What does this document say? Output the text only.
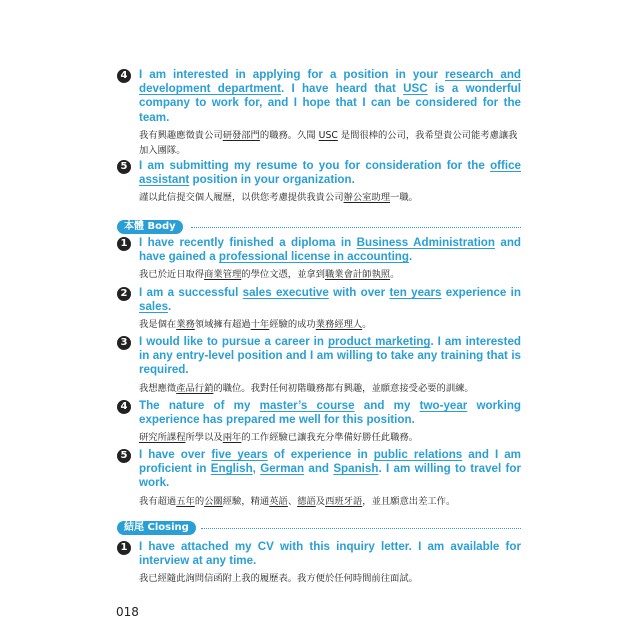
4 I am interested in applying for a position in your research and development department. I have heard that USC is a wonderful company to work for, and I hope that I can be considered for the team.
我有興趣應徵貴公司研發部門的職務。久聞 USC 是間很棒的公司，我希望貴公司能考慮讓我加入團隊。
5 I am submitting my resume to you for consideration for the office assistant position in your organization.
謹以此信提交個人履歷，以供您考慮提供我貴公司辦公室助理一職。
本體 Body
1 I have recently finished a diploma in Business Administration and have gained a professional license in accounting.
我已於近日取得商業管理的學位文憑，並拿到職業會計師執照。
2 I am a successful sales executive with over ten years experience in sales.
我是個在業務領域擁有超過十年經驗的成功業務經理人。
3 I would like to pursue a career in product marketing. I am interested in any entry-level position and I am willing to take any training that is required.
我想應徵產品行銷的職位。我對任何初階職務都有興趣，並願意接受必要的訓練。
4 The nature of my master’s course and my two-year working experience has prepared me well for this position.
研究所課程所學以及兩年的工作經驗已讓我充分準備好勝任此職務。
5 I have over five years of experience in public relations and I am proficient in English, German and Spanish. I am willing to travel for work.
我有超過五年的公關經驗，精通英語、德語及西班牙語，並且願意出差工作。
結尾 Closing
1 I have attached my CV with this inquiry letter. I am available for interview at any time.
我已經隨此詢問信函附上我的履歷表。我方便於任何時間前往面試。
018
